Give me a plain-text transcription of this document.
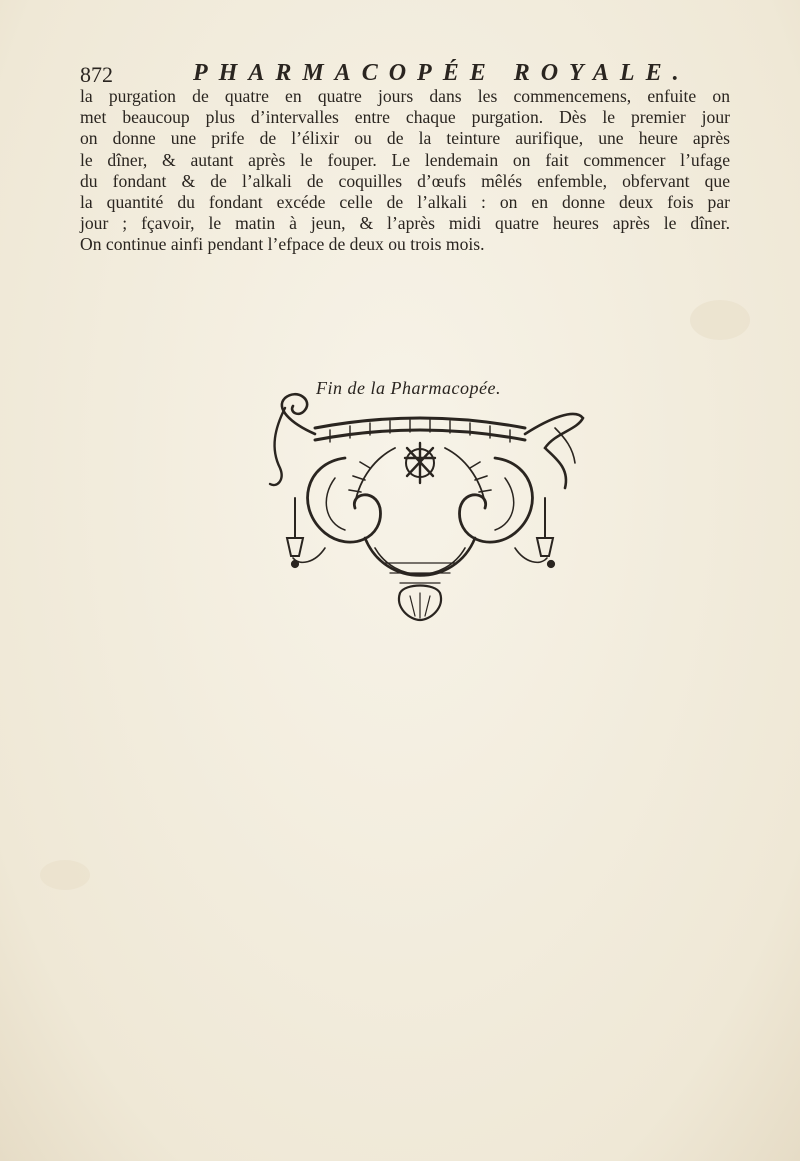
872	PHARMACOPÉE ROYALE.
la purgation de quatre en quatre jours dans les commencemens, enfuite on
met beaucoup plus d’intervalles entre chaque purgation. Dès le premier jour
on donne une prife de l’élixir ou de la teinture aurifique, une heure après
le dîner, & autant après le fouper. Le lendemain on fait commencer l’ufage
du fondant & de l’alkali de coquilles d’œufs mêlés enfemble, obfervant que
la quantité du fondant excéde celle de l’alkali : on en donne deux fois par
jour ; fçavoir, le matin à jeun, & l’après midi quatre heures après le dîner.
On continue ainfi pendant l’efpace de deux ou trois mois.
Fin de la Pharmacopée.
